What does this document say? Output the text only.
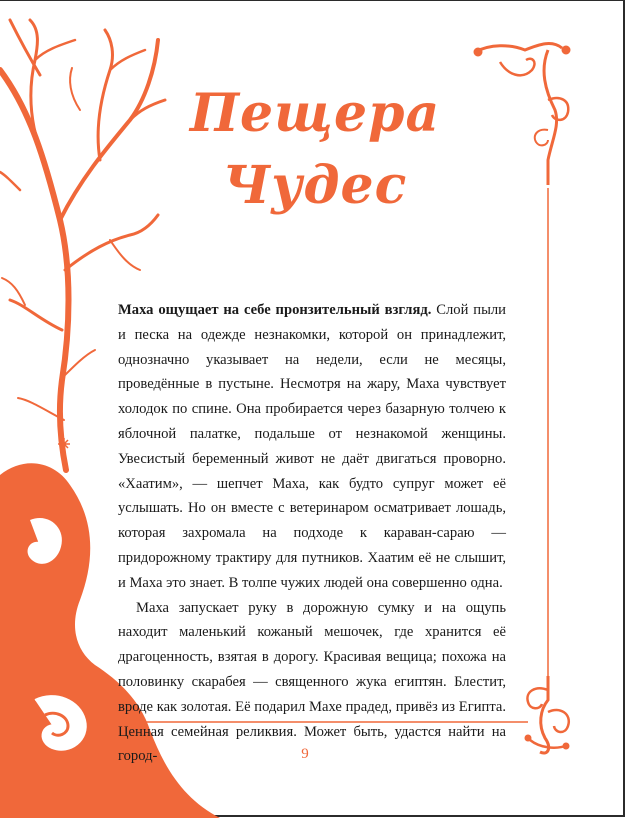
Пещера
Чудес

Маха ощущает на себе пронзительный взгляд. Слой пыли и песка на одежде незнакомки, которой он принадлежит, однозначно указывает на недели, если не месяцы, проведённые в пустыне. Несмотря на жару, Маха чувствует холодок по спине. Она пробирается через базарную толчею к яблочной палатке, подальше от незнакомой женщины. Увесистый беременный живот не даёт двигаться проворно. «Хаатим», — шепчет Маха, как будто супруг может её услышать. Но он вместе с ветеринаром осматривает лошадь, которая захромала на подходе к караван-сараю — придорожному трактиру для путников. Хаатим её не слышит, и Маха это знает. В толпе чужих людей она совершенно одна.

Маха запускает руку в дорожную сумку и на ощупь находит маленький кожаный мешочек, где хранится её драгоценность, взятая в дорогу. Красивая вещица; похожа на половинку скарабея — священного жука египтян. Блестит, вроде как золотая. Её подарил Махе прадед, привёз из Египта. Ценная семейная реликвия. Может быть, удастся найти на город-	9
